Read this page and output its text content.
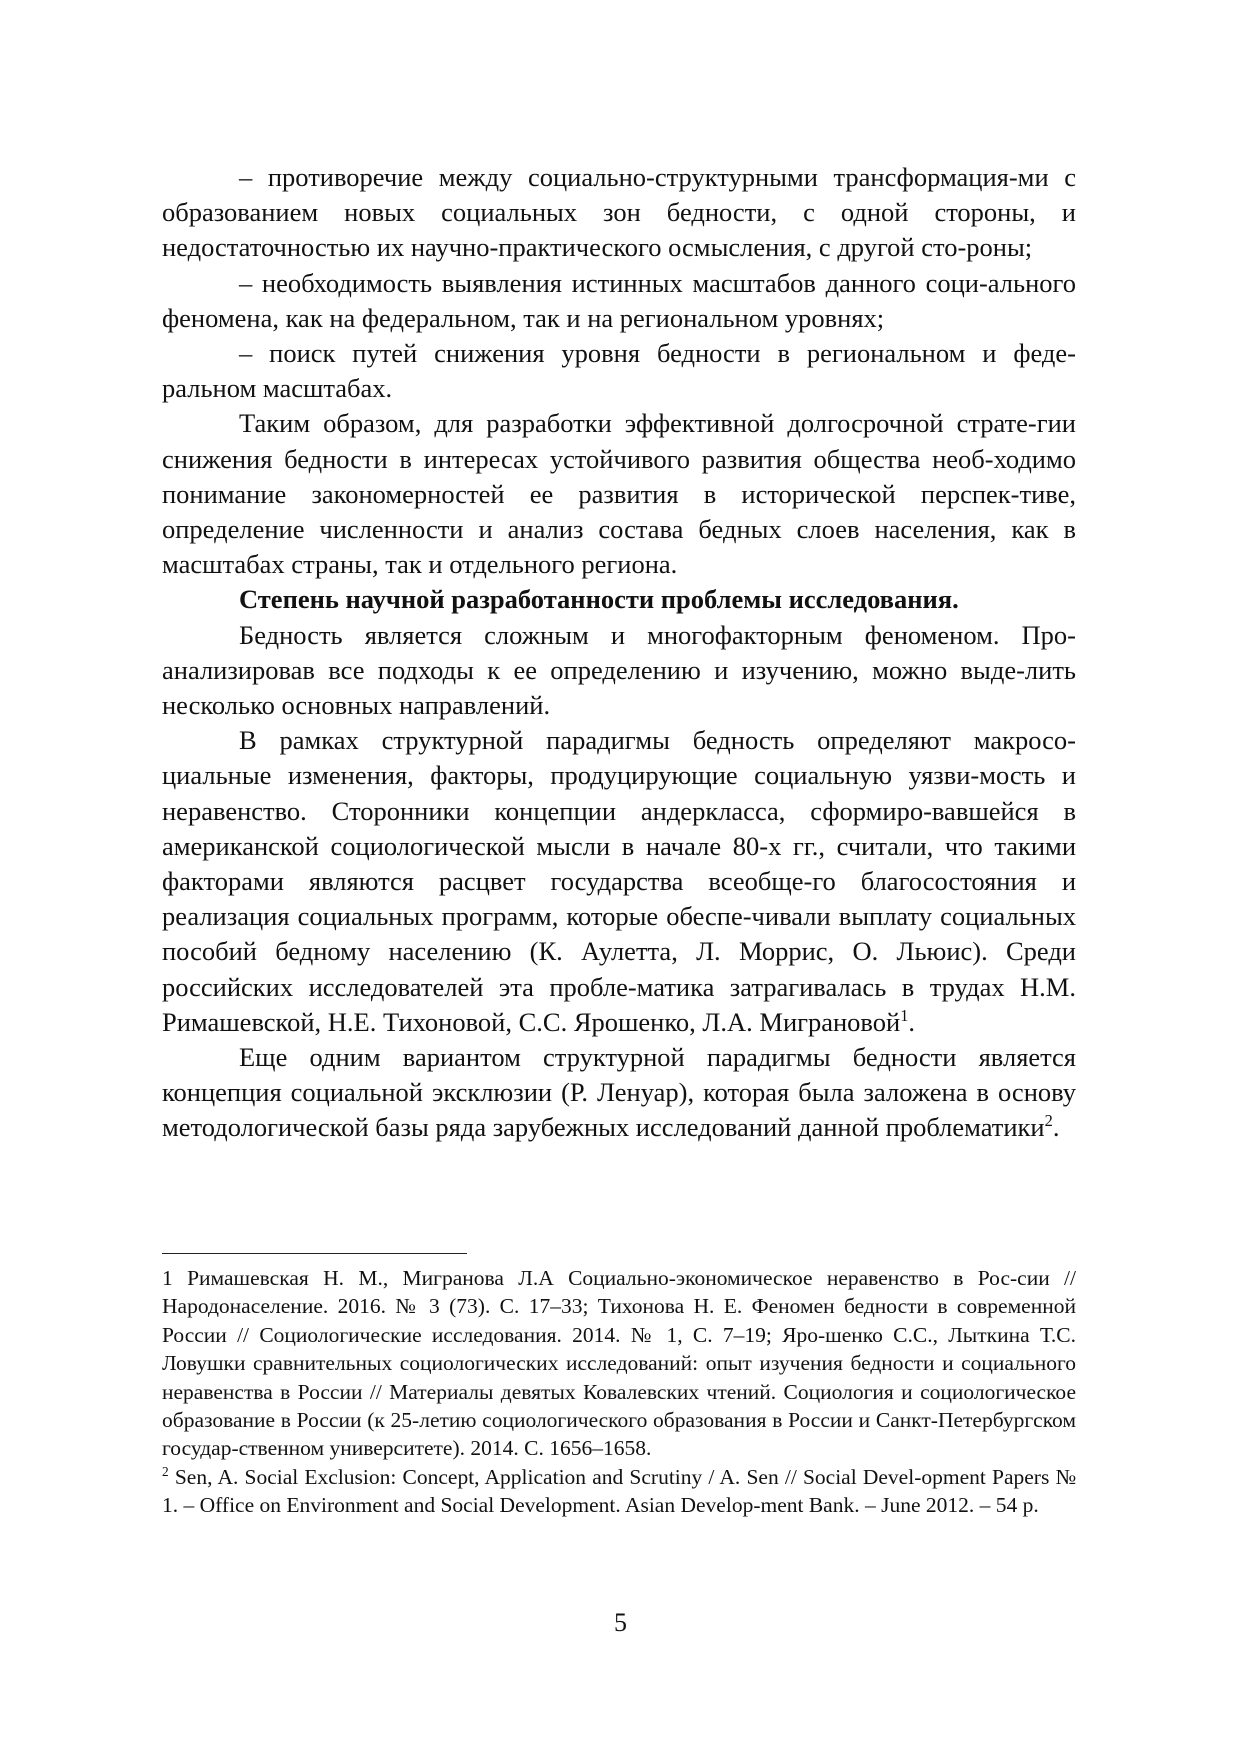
– противоречие между социально-структурными трансформация-ми с образованием новых социальных зон бедности, с одной стороны, и недостаточностью их научно-практического осмысления, с другой сто-роны;

– необходимость выявления истинных масштабов данного соци-ального феномена, как на федеральном, так и на региональном уровнях;

– поиск путей снижения уровня бедности в региональном и феде-ральном масштабах.

Таким образом, для разработки эффективной долгосрочной страте-гии снижения бедности в интересах устойчивого развития общества необ-ходимо понимание закономерностей ее развития в исторической перспек-тиве, определение численности и анализ состава бедных слоев населения, как в масштабах страны, так и отдельного региона.

Степень научной разработанности проблемы исследования.

Бедность является сложным и многофакторным феноменом. Про-анализировав все подходы к ее определению и изучению, можно выде-лить несколько основных направлений.

В рамках структурной парадигмы бедность определяют макросо-циальные изменения, факторы, продуцирующие социальную уязви-мость и неравенство. Сторонники концепции андеркласса, сформиро-вавшейся в американской социологической мысли в начале 80-х гг., считали, что такими факторами являются расцвет государства всеобще-го благосостояния и реализация социальных программ, которые обеспе-чивали выплату социальных пособий бедному населению (К. Аулетта, Л. Моррис, О. Льюис). Среди российских исследователей эта пробле-матика затрагивалась в трудах Н.М. Римашевской, Н.Е. Тихоновой, С.С. Ярошенко, Л.А. Миграновой$^1$.

Еще одним вариантом структурной парадигмы бедности является концепция социальной эксклюзии (Р. Ленуар), которая была заложена в основу методологической базы ряда зарубежных исследований данной проблематики$^2$.

1 Римашевская Н. М., Мигранова Л.А Социально-экономическое неравенство в Рос-сии // Народонаселение. 2016. № 3 (73). С. 17–33; Тихонова Н. Е. Феномен бедности в современной России // Социологические исследования. 2014. № 1, С. 7–19; Яро-шенко С.С., Лыткина Т.С. Ловушки сравнительных социологических исследований: опыт изучения бедности и социального неравенства в России // Материалы девятых Ковалевских чтений. Социология и социологическое образование в России (к 25-летию социологического образования в России и Санкт-Петербургском государ-ственном университете). 2014. С. 1656–1658.

$^2$ Sen, A. Social Exclusion: Concept, Application and Scrutiny / A. Sen // Social Devel-opment Papers № 1. – Office on Environment and Social Development. Asian Develop-ment Bank. – June 2012. – 54 p.

5
